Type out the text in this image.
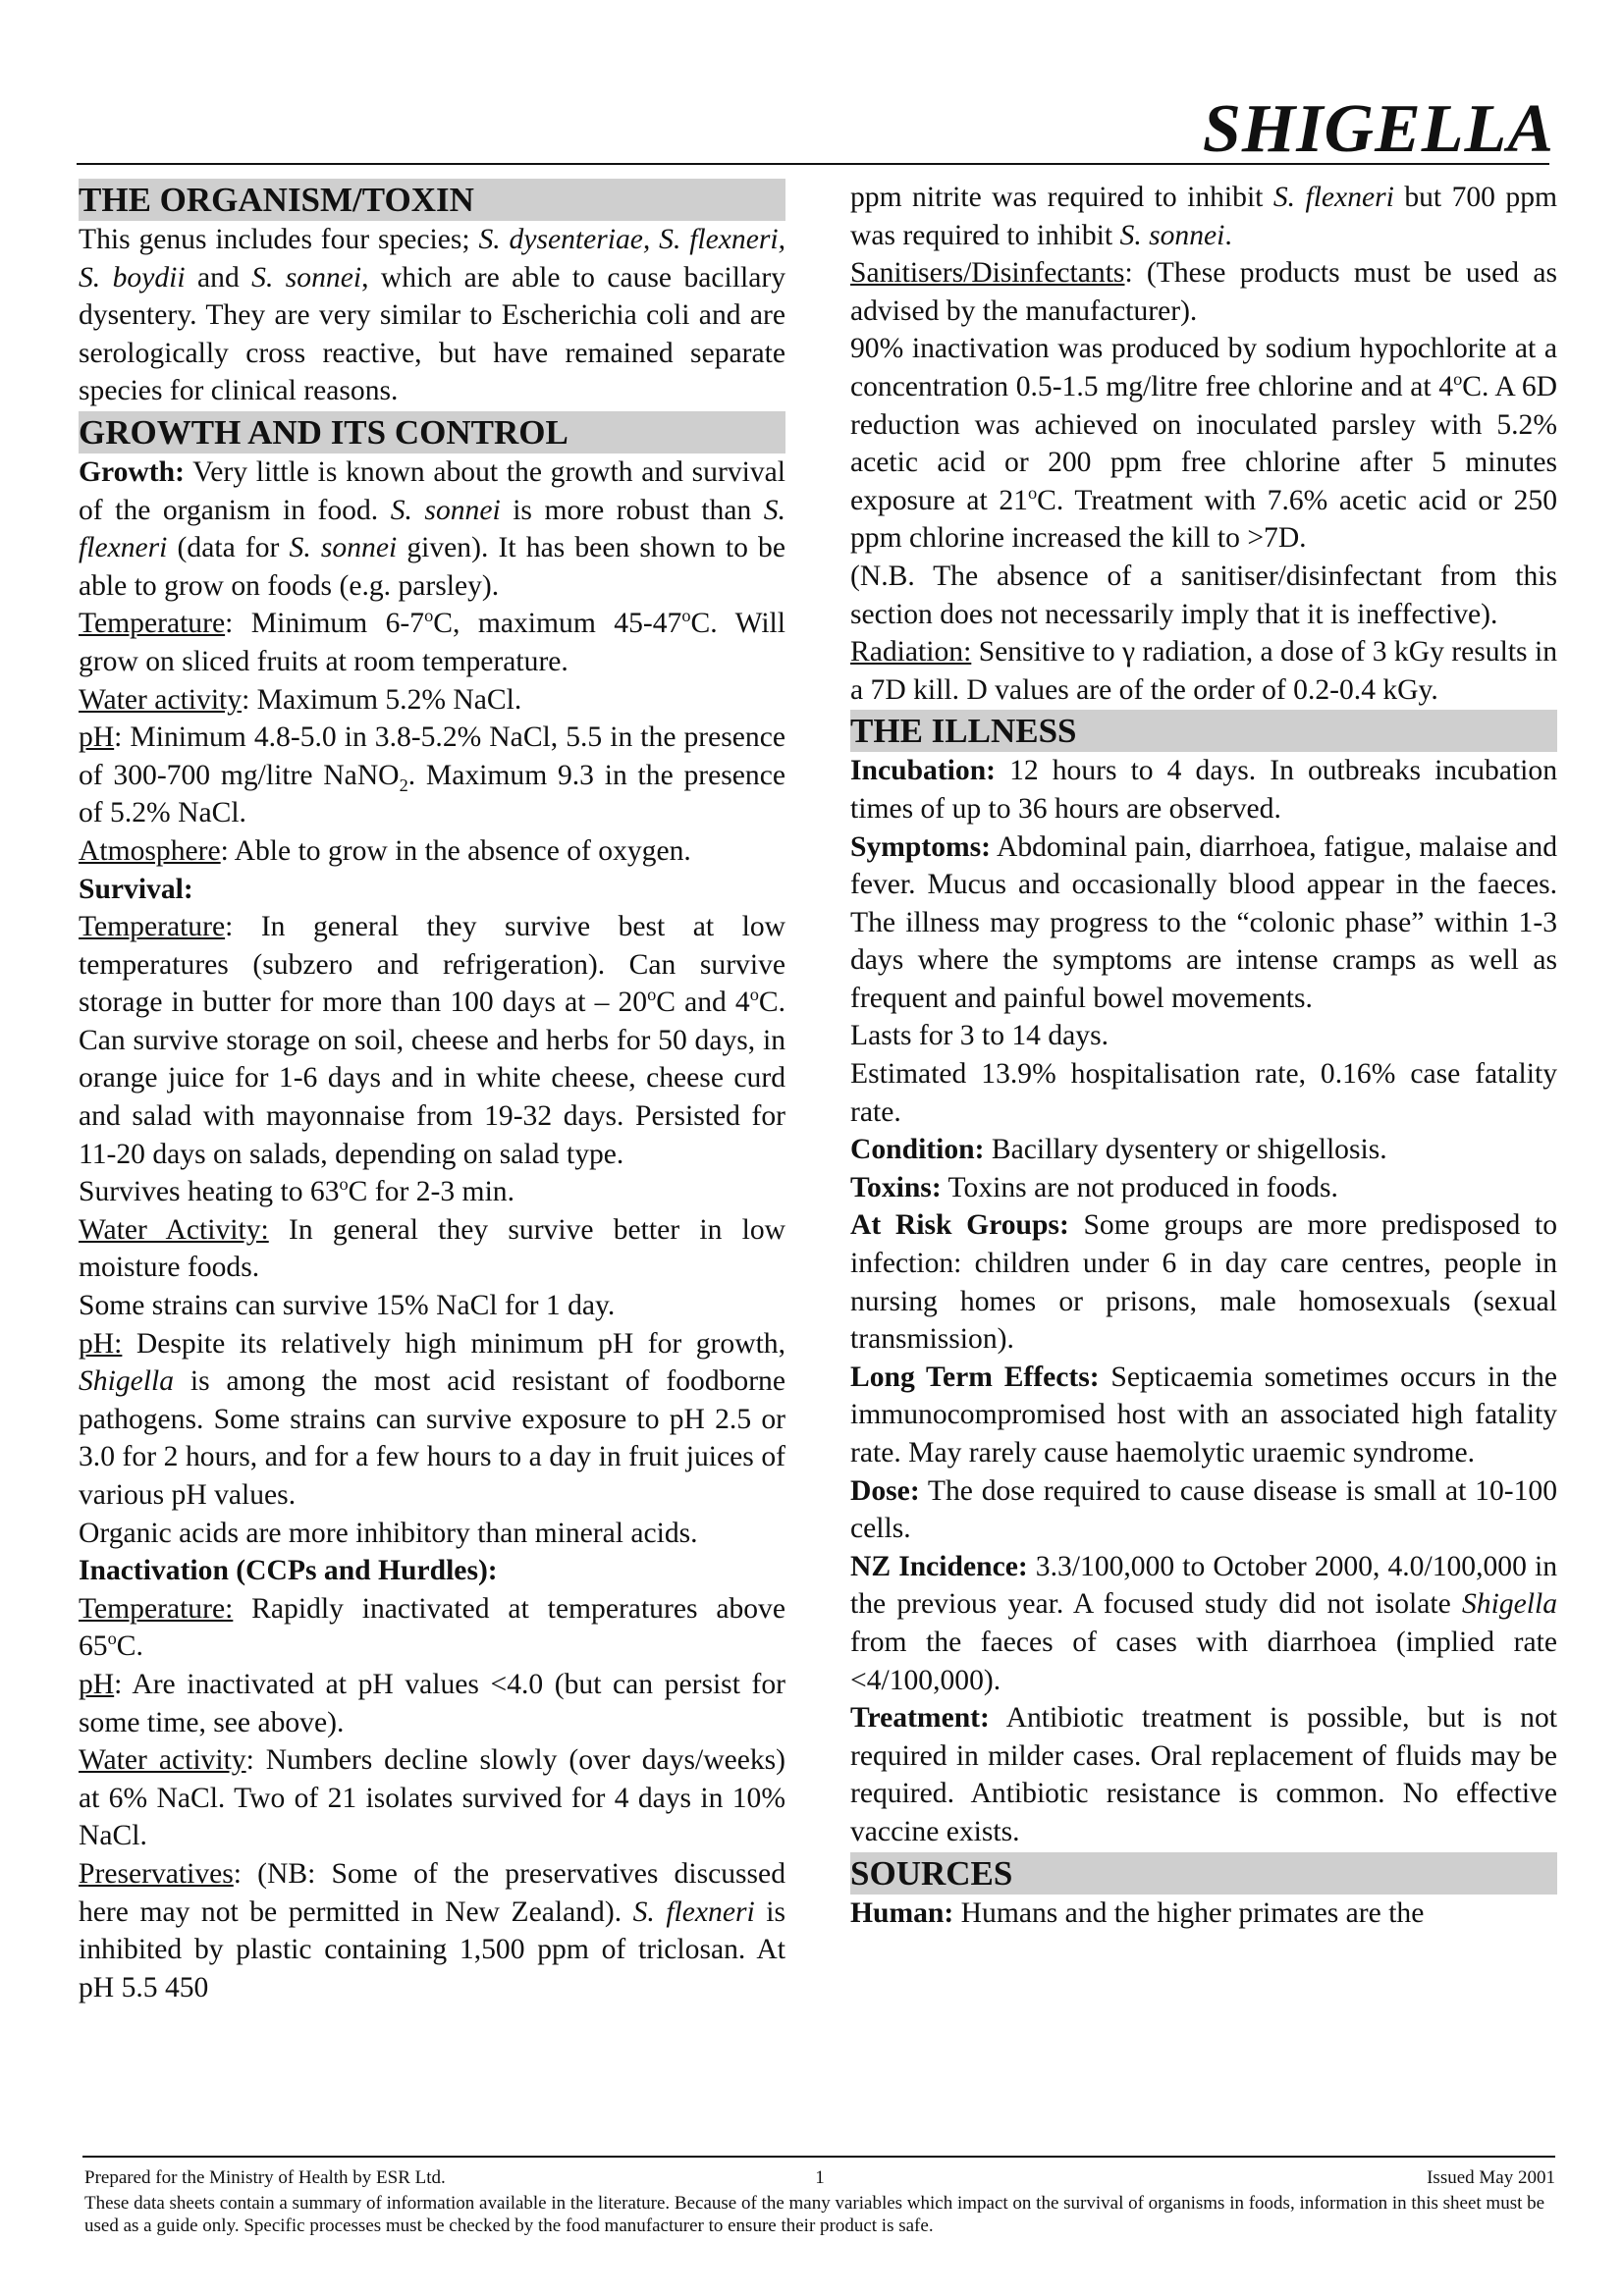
SHIGELLA

THE ORGANISM/TOXIN

This genus includes four species; S. dysenteriae, S. flexneri, S. boydii and S. sonnei, which are able to cause bacillary dysentery. They are very similar to Escherichia coli and are serologically cross reactive, but have remained separate species for clinical reasons.

GROWTH AND ITS CONTROL

Growth: Very little is known about the growth and survival of the organism in food. S. sonnei is more robust than S. flexneri (data for S. sonnei given). It has been shown to be able to grow on foods (e.g. parsley).

Temperature: Minimum 6-7$^o$C, maximum 45-47$^o$C. Will grow on sliced fruits at room temperature.

Water activity: Maximum 5.2% NaCl.

pH: Minimum 4.8-5.0 in 3.8-5.2% NaCl, 5.5 in the presence of 300-700 mg/litre NaNO$_2$. Maximum 9.3 in the presence of 5.2% NaCl.

Atmosphere: Able to grow in the absence of oxygen.

Survival:

Temperature: In general they survive best at low temperatures (subzero and refrigeration). Can survive storage in butter for more than 100 days at – 20$^o$C and 4$^o$C. Can survive storage on soil, cheese and herbs for 50 days, in orange juice for 1-6 days and in white cheese, cheese curd and salad with mayonnaise from 19-32 days. Persisted for 11-20 days on salads, depending on salad type.

Survives heating to 63$^o$C for 2-3 min.

Water Activity: In general they survive better in low moisture foods.

Some strains can survive 15% NaCl for 1 day.

pH: Despite its relatively high minimum pH for growth, Shigella is among the most acid resistant of foodborne pathogens. Some strains can survive exposure to pH 2.5 or 3.0 for 2 hours, and for a few hours to a day in fruit juices of various pH values.

Organic acids are more inhibitory than mineral acids.

Inactivation (CCPs and Hurdles):

Temperature: Rapidly inactivated at temperatures above 65$^o$C.

pH: Are inactivated at pH values <4.0 (but can persist for some time, see above).

Water activity: Numbers decline slowly (over days/weeks) at 6% NaCl. Two of 21 isolates survived for 4 days in 10% NaCl.

Preservatives: (NB: Some of the preservatives discussed here may not be permitted in New Zealand). S. flexneri is inhibited by plastic containing 1,500 ppm of triclosan. At pH 5.5 450

ppm nitrite was required to inhibit S. flexneri but 700 ppm was required to inhibit S. sonnei.

Sanitisers/Disinfectants: (These products must be used as advised by the manufacturer).

90% inactivation was produced by sodium hypochlorite at a concentration 0.5-1.5 mg/litre free chlorine and at 4$^o$C. A 6D reduction was achieved on inoculated parsley with 5.2% acetic acid or 200 ppm free chlorine after 5 minutes exposure at 21$^o$C. Treatment with 7.6% acetic acid or 250 ppm chlorine increased the kill to >7D.

(N.B. The absence of a sanitiser/disinfectant from this section does not necessarily imply that it is ineffective).

Radiation: Sensitive to γ radiation, a dose of 3 kGy results in a 7D kill. D values are of the order of 0.2-0.4 kGy.

THE ILLNESS

Incubation: 12 hours to 4 days. In outbreaks incubation times of up to 36 hours are observed.

Symptoms: Abdominal pain, diarrhoea, fatigue, malaise and fever. Mucus and occasionally blood appear in the faeces. The illness may progress to the “colonic phase” within 1-3 days where the symptoms are intense cramps as well as frequent and painful bowel movements.

Lasts for 3 to 14 days.

Estimated 13.9% hospitalisation rate, 0.16% case fatality rate.

Condition: Bacillary dysentery or shigellosis.

Toxins: Toxins are not produced in foods.

At Risk Groups: Some groups are more predisposed to infection: children under 6 in day care centres, people in nursing homes or prisons, male homosexuals (sexual transmission).

Long Term Effects: Septicaemia sometimes occurs in the immunocompromised host with an associated high fatality rate. May rarely cause haemolytic uraemic syndrome.

Dose: The dose required to cause disease is small at 10-100 cells.

NZ Incidence: 3.3/100,000 to October 2000, 4.0/100,000 in the previous year. A focused study did not isolate Shigella from the faeces of cases with diarrhoea (implied rate <4/100,000).

Treatment: Antibiotic treatment is possible, but is not required in milder cases. Oral replacement of fluids may be required. Antibiotic resistance is common. No effective vaccine exists.

SOURCES

Human: Humans and the higher primates are the

1
Prepared for the Ministry of Health by ESR Ltd.	Issued May 2001
These data sheets contain a summary of information available in the literature. Because of the many variables which impact on the survival of organisms in foods, information in this sheet must be used as a guide only. Specific processes must be checked by the food manufacturer to ensure their product is safe.
